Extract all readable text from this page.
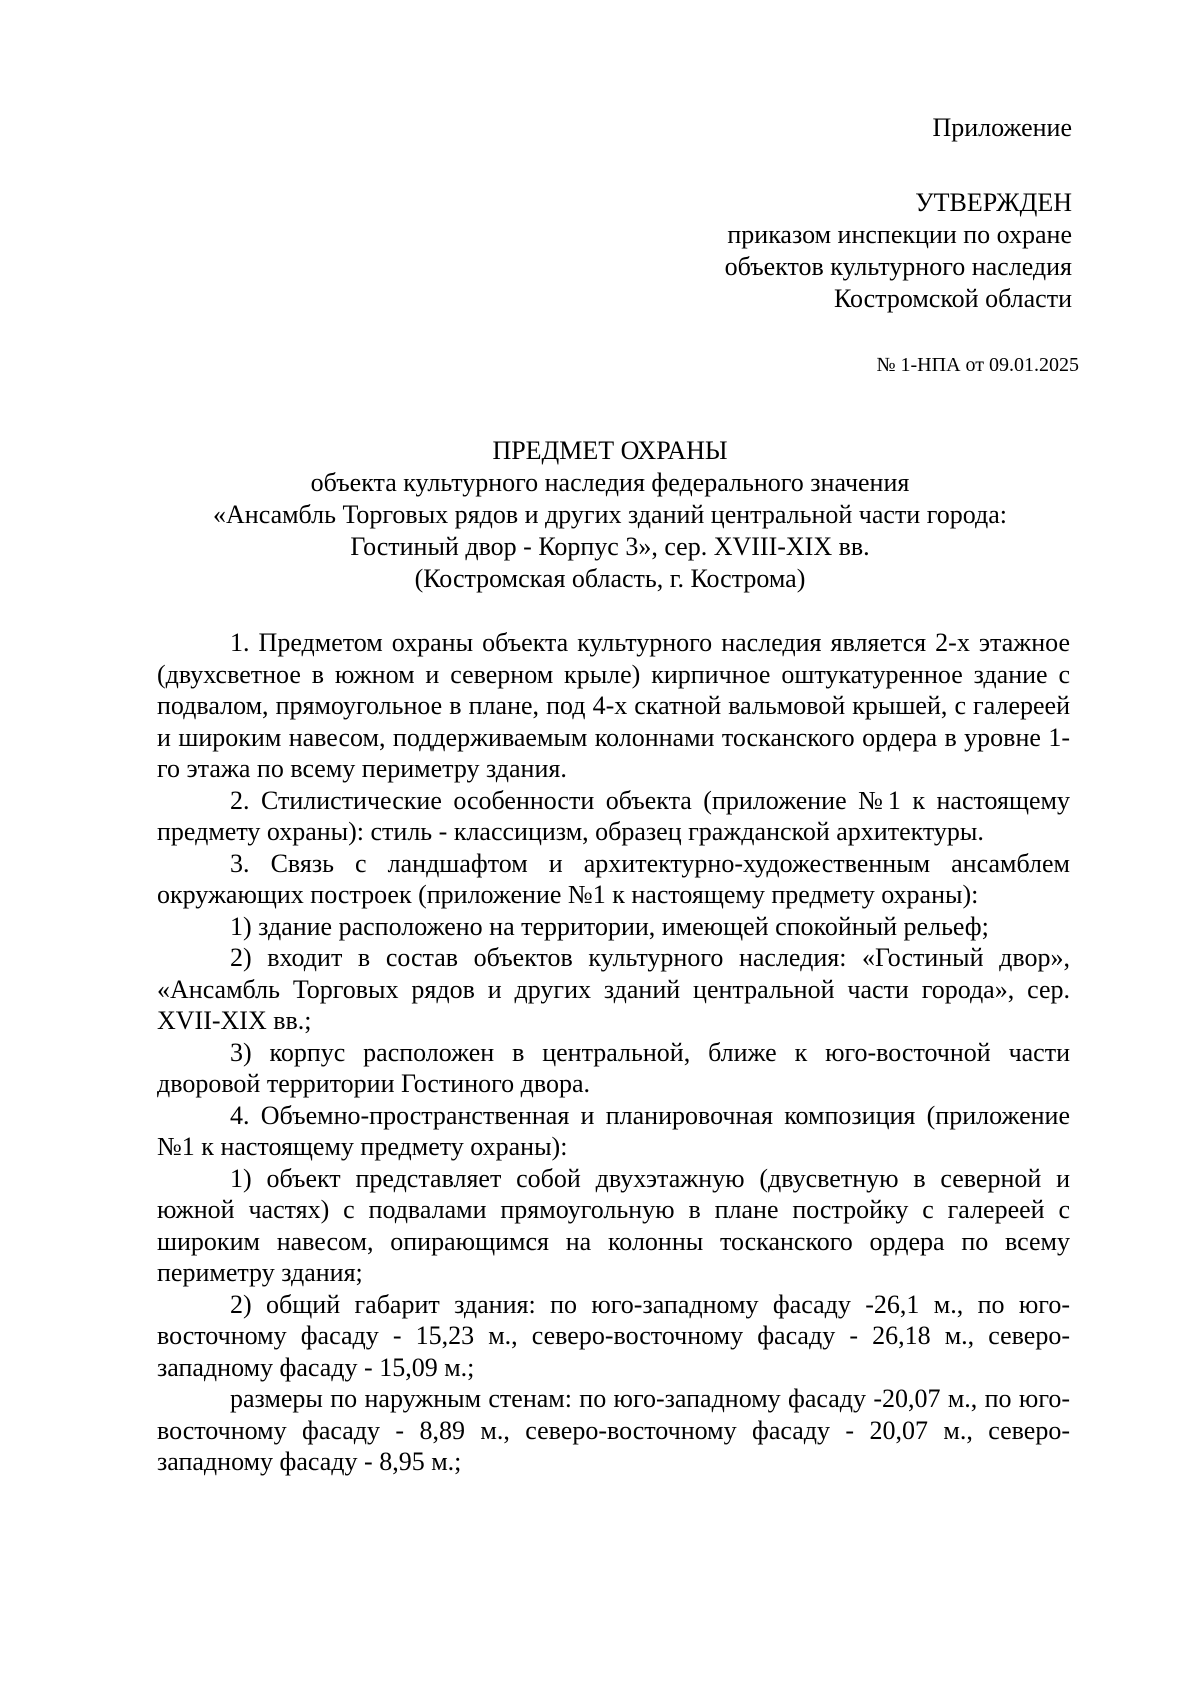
Приложение
УТВЕРЖДЕН
приказом инспекции по охране
объектов культурного наследия
Костромской области
№ 1-НПА от 09.01.2025
ПРЕДМЕТ ОХРАНЫ
объекта культурного наследия федерального значения
«Ансамбль Торговых рядов и других зданий центральной части города:
Гостиный двор - Корпус 3», сер. XVIII-XIX вв.
(Костромская область, г. Кострома)

1. Предметом охраны объекта культурного наследия является 2-х этажное (двухсветное в южном и северном крыле) кирпичное оштукатуренное здание с подвалом, прямоугольное в плане, под 4-х скатной вальмовой крышей, с галереей и широким навесом, поддерживаемым колоннами тосканского ордера в уровне 1-го этажа по всему периметру здания.

2. Стилистические особенности объекта (приложение №1 к настоящему предмету охраны): стиль - классицизм, образец гражданской архитектуры.

3. Связь с ландшафтом и архитектурно-художественным ансамблем окружающих построек (приложение №1 к настоящему предмету охраны):

1) здание расположено на территории, имеющей спокойный рельеф;

2) входит в состав объектов культурного наследия: «Гостиный двор», «Ансамбль Торговых рядов и других зданий центральной части города», сер. XVII-XIX вв.;

3) корпус расположен в центральной, ближе к юго-восточной части дворовой территории Гостиного двора.

4. Объемно-пространственная и планировочная композиция (приложение №1 к настоящему предмету охраны):

1) объект представляет собой двухэтажную (двусветную в северной и южной частях) с подвалами прямоугольную в плане постройку с галереей с широким навесом, опирающимся на колонны тосканского ордера по всему периметру здания;

2) общий габарит здания: по юго-западному фасаду -26,1 м., по юго-восточному фасаду - 15,23 м., северо-восточному фасаду - 26,18 м., северо-западному фасаду - 15,09 м.;

размеры по наружным стенам: по юго-западному фасаду -20,07 м., по юго-восточному фасаду - 8,89 м., северо-восточному фасаду - 20,07 м., северо-западному фасаду - 8,95 м.;
